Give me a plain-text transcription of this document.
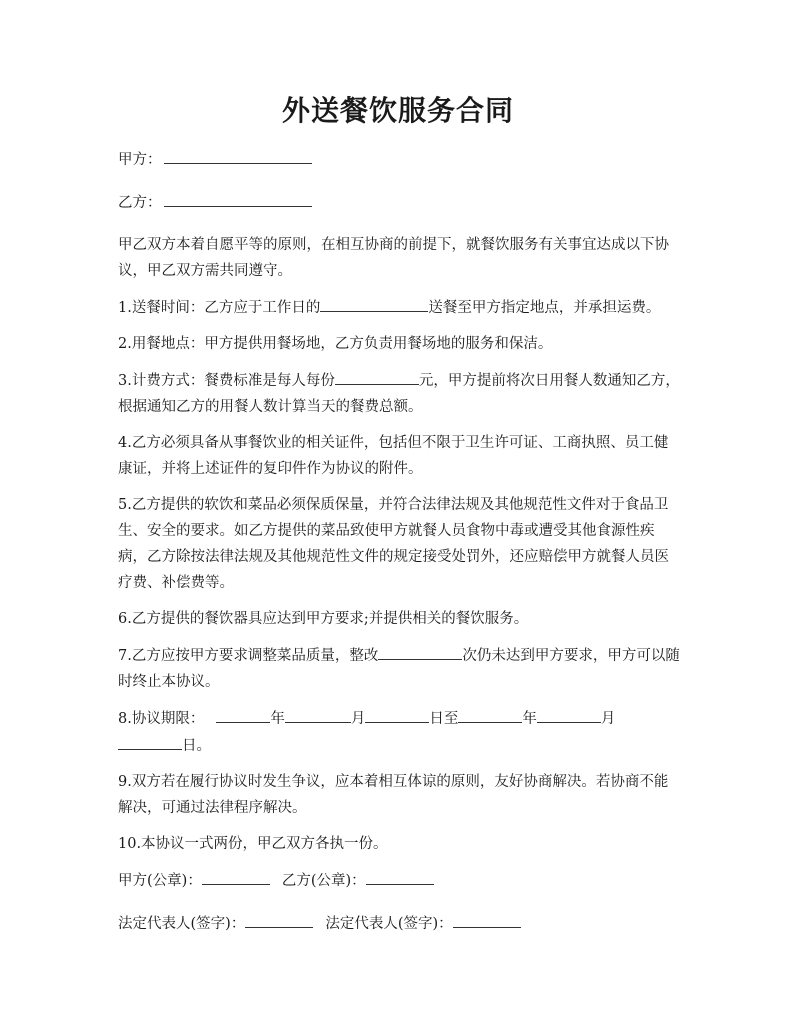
外送餐饮服务合同

甲方：

乙方：

甲乙双方本着自愿平等的原则，在相互协商的前提下，就餐饮服务有关事宜达成以下协议，甲乙双方需共同遵守。

1.送餐时间：乙方应于工作日的	送餐至甲方指定地点，并承担运费。

2.用餐地点：甲方提供用餐场地，乙方负责用餐场地的服务和保洁。

3.计费方式：餐费标准是每人每份	元，甲方提前将次日用餐人数通知乙方，根据通知乙方的用餐人数计算当天的餐费总额。

4.乙方必须具备从事餐饮业的相关证件，包括但不限于卫生许可证、工商执照、员工健康证，并将上述证件的复印件作为协议的附件。

5.乙方提供的软饮和菜品必须保质保量，并符合法律法规及其他规范性文件对于食品卫生、安全的要求。如乙方提供的菜品致使甲方就餐人员食物中毒或遭受其他食源性疾病，乙方除按法律法规及其他规范性文件的规定接受处罚外，还应赔偿甲方就餐人员医疗费、补偿费等。

6.乙方提供的餐饮器具应达到甲方要求;并提供相关的餐饮服务。

7.乙方应按甲方要求调整菜品质量，整改	次仍未达到甲方要求，甲方可以随时终止本协议。

8.协议期限：	年	月	日至	年	月
日。

9.双方若在履行协议时发生争议，应本着相互体谅的原则，友好协商解决。若协商不能解决，可通过法律程序解决。

10.本协议一式两份，甲乙双方各执一份。

甲方(公章)：	乙方(公章)：

法定代表人(签字)：	法定代表人(签字)：
